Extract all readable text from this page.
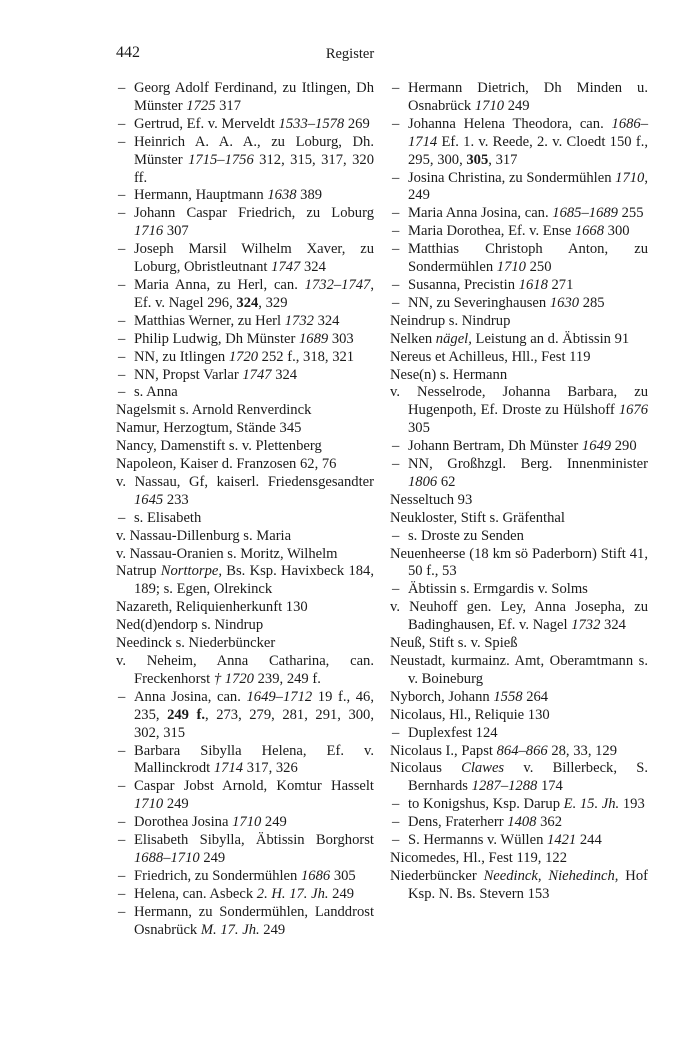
442	Register
– Georg Adolf Ferdinand, zu Itlingen, Dh Münster 1725 317
– Gertrud, Ef. v. Merveldt 1533–1578 269
– Heinrich A. A. A., zu Loburg, Dh. Münster 1715–1756 312, 315, 317, 320 ff.
– Hermann, Hauptmann 1638 389
– Johann Caspar Friedrich, zu Loburg 1716 307
– Joseph Marsil Wilhelm Xaver, zu Loburg, Obristleutnant 1747 324
– Maria Anna, zu Herl, can. 1732–1747, Ef. v. Nagel 296, 324, 329
– Matthias Werner, zu Herl 1732 324
– Philip Ludwig, Dh Münster 1689 303
– NN, zu Itlingen 1720 252 f., 318, 321
– NN, Propst Varlar 1747 324
– s. Anna
Nagelsmit s. Arnold Renverdinck
Namur, Herzogtum, Stände 345
Nancy, Damenstift s. v. Plettenberg
Napoleon, Kaiser d. Franzosen 62, 76
v. Nassau, Gf, kaiserl. Friedensgesandter 1645 233
– s. Elisabeth
v. Nassau-Dillenburg s. Maria
v. Nassau-Oranien s. Moritz, Wilhelm
Natrup Norttorpe, Bs. Ksp. Havixbeck 184, 189; s. Egen, Olrekinck
Nazareth, Reliquienherkunft 130
Ned(d)endorp s. Nindrup
Needinck s. Niederbüncker
v. Neheim, Anna Catharina, can. Freckenhorst † 1720 239, 249 f.
– Anna Josina, can. 1649–1712 19 f., 46, 235, 249 f., 273, 279, 281, 291, 300, 302, 315
– Barbara Sibylla Helena, Ef. v. Mallinckrodt 1714 317, 326
– Caspar Jobst Arnold, Komtur Hasselt 1710 249
– Dorothea Josina 1710 249
– Elisabeth Sibylla, Äbtissin Borghorst 1688–1710 249
– Friedrich, zu Sondermühlen 1686 305
– Helena, can. Asbeck 2. H. 17. Jh. 249
– Hermann, zu Sondermühlen, Landdrost Osnabrück M. 17. Jh. 249
– Hermann Dietrich, Dh Minden u. Osnabrück 1710 249
– Johanna Helena Theodora, can. 1686–1714 Ef. 1. v. Reede, 2. v. Cloedt 150 f., 295, 300, 305, 317
– Josina Christina, zu Sondermühlen 1710, 249
– Maria Anna Josina, can. 1685–1689 255
– Maria Dorothea, Ef. v. Ense 1668 300
– Matthias Christoph Anton, zu Sondermühlen 1710 250
– Susanna, Precistin 1618 271
– NN, zu Severinghausen 1630 285
Neindrup s. Nindrup
Nelken nägel, Leistung an d. Äbtissin 91
Nereus et Achilleus, Hll., Fest 119
Nese(n) s. Hermann
v. Nesselrode, Johanna Barbara, zu Hugenpoth, Ef. Droste zu Hülshoff 1676 305
– Johann Bertram, Dh Münster 1649 290
– NN, Großhzgl. Berg. Innenminister 1806 62
Nesseltuch 93
Neukloster, Stift s. Gräfenthal
– s. Droste zu Senden
Neuenheerse (18 km sö Paderborn) Stift 41, 50 f., 53
– Äbtissin s. Ermgardis v. Solms
v. Neuhoff gen. Ley, Anna Josepha, zu Badinghausen, Ef. v. Nagel 1732 324
Neuß, Stift s. v. Spieß
Neustadt, kurmainz. Amt, Oberamtmann s. v. Boineburg
Nyborch, Johann 1558 264
Nicolaus, Hl., Reliquie 130
– Duplexfest 124
Nicolaus I., Papst 864–866 28, 33, 129
Nicolaus Clawes v. Billerbeck, S. Bernhards 1287–1288 174
– to Konigshus, Ksp. Darup E. 15. Jh. 193
– Dens, Fraterherr 1408 362
– S. Hermanns v. Wüllen 1421 244
Nicomedes, Hl., Fest 119, 122
Niederbüncker Needinck, Niehedinch, Hof Ksp. N. Bs. Stevern 153
